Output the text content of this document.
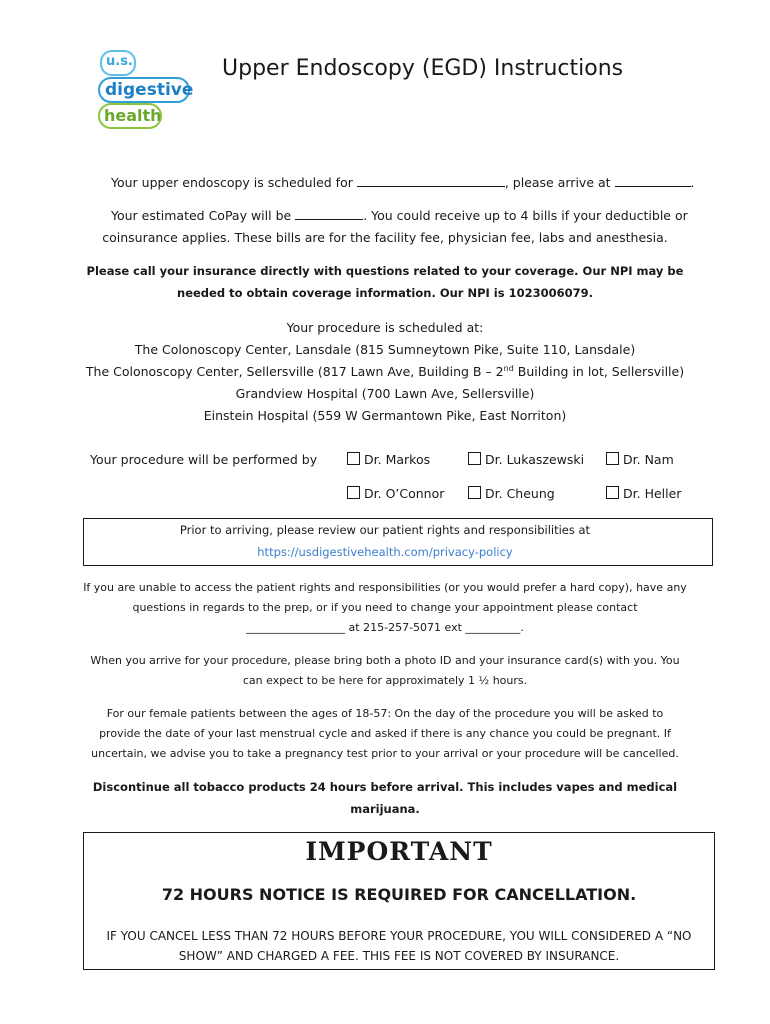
u.s.
digestive
health
Upper Endoscopy (EGD) Instructions
Your upper endoscopy is scheduled for	, please arrive at	.
Your estimated CoPay will be	. You could receive up to 4 bills if your deductible or
coinsurance applies. These bills are for the facility fee, physician fee, labs and anesthesia.
Please call your insurance directly with questions related to your coverage. Our NPI may be
needed to obtain coverage information. Our NPI is 1023006079.
Your procedure is scheduled at:
The Colonoscopy Center, Lansdale (815 Sumneytown Pike, Suite 110, Lansdale)
The Colonoscopy Center, Sellersville (817 Lawn Ave, Building B – 2nd Building in lot, Sellersville)
Grandview Hospital (700 Lawn Ave, Sellersville)
Einstein Hospital (559 W Germantown Pike, East Norriton)
Your procedure will be performed by	Dr. Markos	Dr. Lukaszewski	Dr. Nam
Dr. O’Connor	Dr. Cheung	Dr. Heller
Prior to arriving, please review our patient rights and responsibilities at
https://usdigestivehealth.com/privacy-policy
If you are unable to access the patient rights and responsibilities (or you would prefer a hard copy), have any
questions in regards to the prep, or if you need to change your appointment please contact
__________________ at 215-257-5071 ext __________.
When you arrive for your procedure, please bring both a photo ID and your insurance card(s) with you. You
can expect to be here for approximately 1 ½ hours.
For our female patients between the ages of 18-57: On the day of the procedure you will be asked to
provide the date of your last menstrual cycle and asked if there is any chance you could be pregnant. If
uncertain, we advise you to take a pregnancy test prior to your arrival or your procedure will be cancelled.
Discontinue all tobacco products 24 hours before arrival. This includes vapes and medical
marijuana.
IMPORTANT
72 HOURS NOTICE IS REQUIRED FOR CANCELLATION.
IF YOU CANCEL LESS THAN 72 HOURS BEFORE YOUR PROCEDURE, YOU WILL CONSIDERED A “NO
SHOW” AND CHARGED A FEE. THIS FEE IS NOT COVERED BY INSURANCE.
